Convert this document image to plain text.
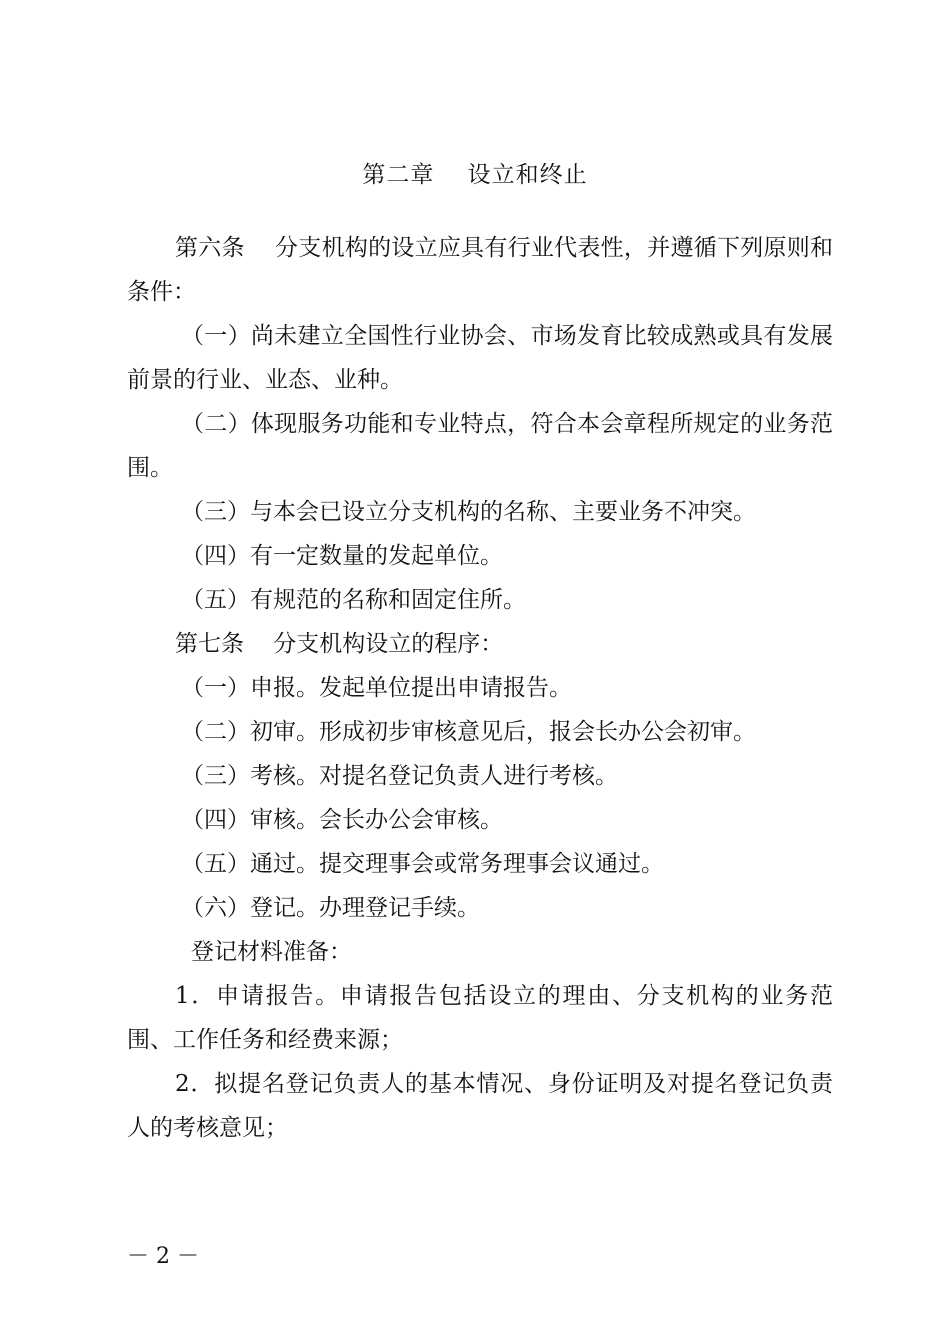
第二章    设立和终止

第六条    分支机构的设立应具有行业代表性，并遵循下列原则和条件：

（一）尚未建立全国性行业协会、市场发育比较成熟或具有发展前景的行业、业态、业种。

（二）体现服务功能和专业特点，符合本会章程所规定的业务范围。

（三）与本会已设立分支机构的名称、主要业务不冲突。

（四）有一定数量的发起单位。

（五）有规范的名称和固定住所。

第七条    分支机构设立的程序：

（一）申报。发起单位提出申请报告。

（二）初审。形成初步审核意见后，报会长办公会初审。

（三）考核。对提名登记负责人进行考核。

（四）审核。会长办公会审核。

（五）通过。提交理事会或常务理事会议通过。

（六）登记。办理登记手续。

登记材料准备：

1．申请报告。申请报告包括设立的理由、分支机构的业务范围、工作任务和经费来源；

2．拟提名登记负责人的基本情况、身份证明及对提名登记负责人的考核意见；

－ 2 －
